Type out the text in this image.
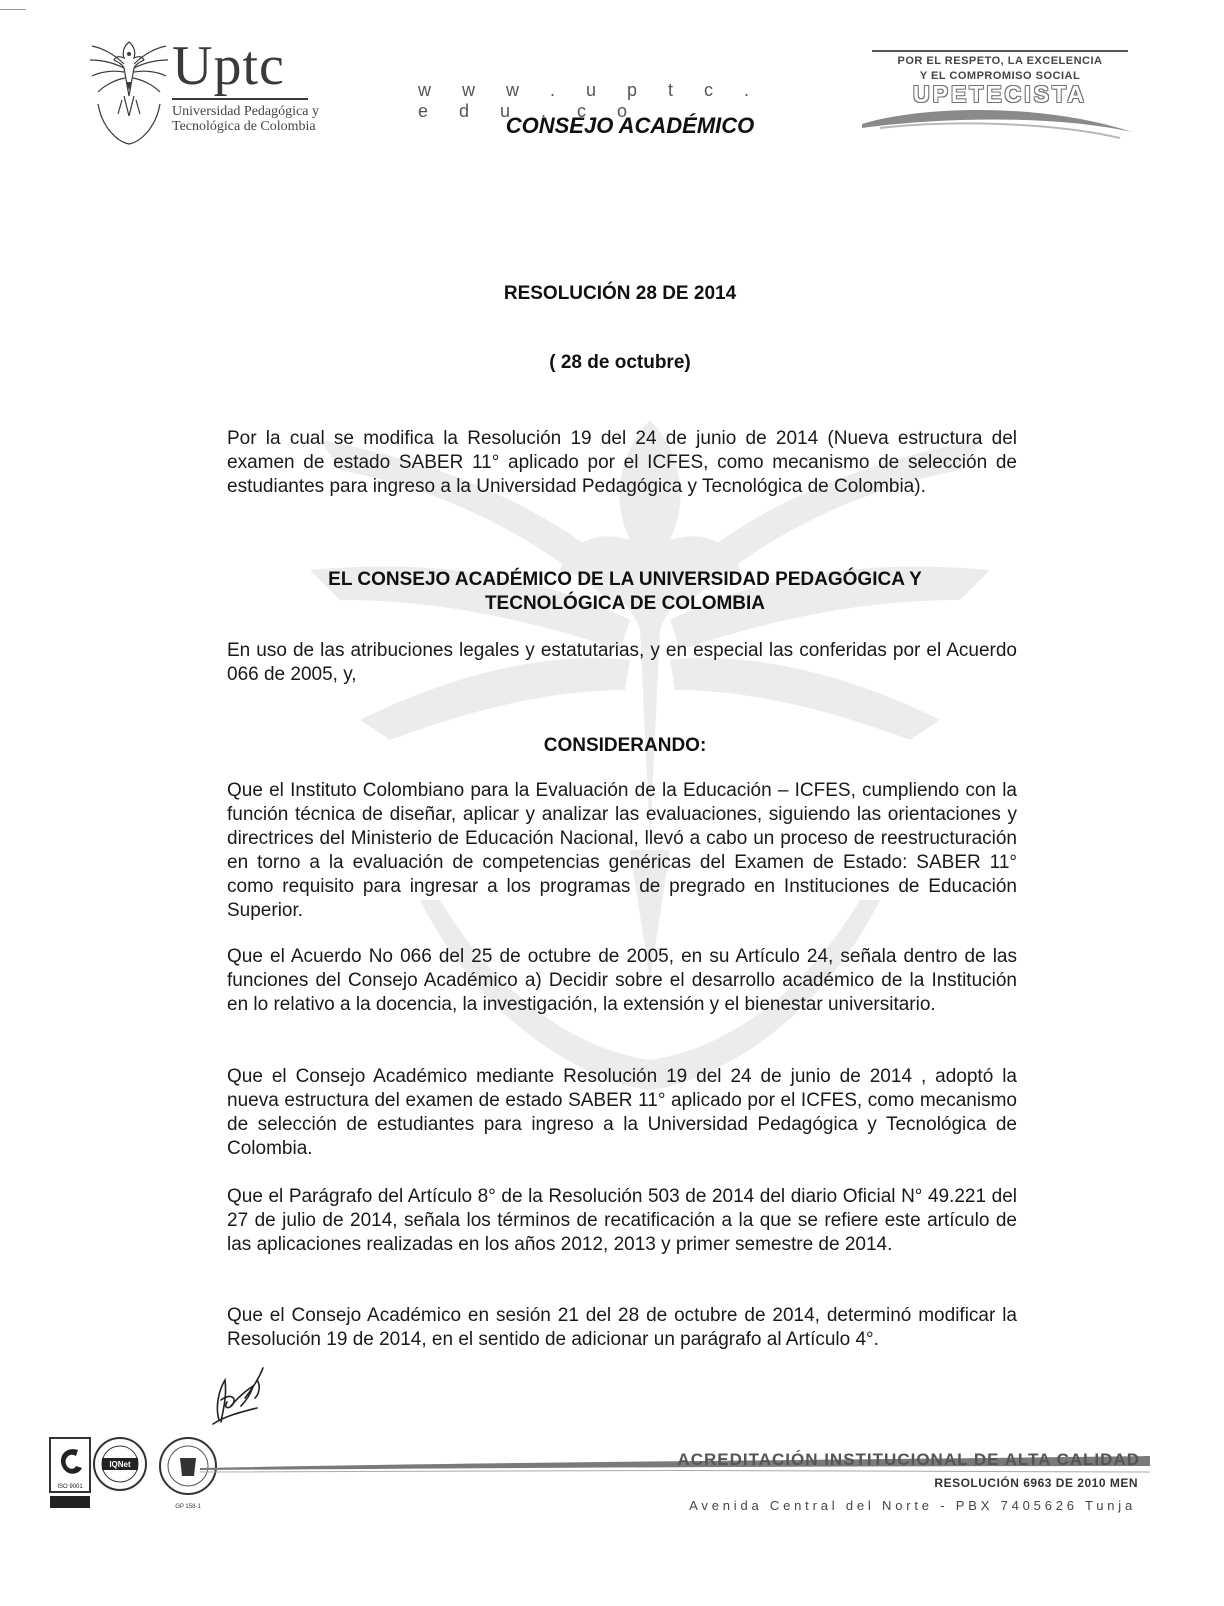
Uptc
Universidad Pedagógica y
Tecnológica de Colombia
w w w . u p t c . e d u . c o
CONSEJO ACADÉMICO
POR EL RESPETO, LA EXCELENCIA
Y EL COMPROMISO SOCIAL
UPETECISTA
RESOLUCIÓN 28 DE 2014
( 28 de octubre)
Por la cual se modifica la Resolución 19 del 24 de junio de 2014 (Nueva estructura del examen de estado SABER 11° aplicado por el ICFES, como mecanismo de selección de estudiantes para ingreso a la Universidad Pedagógica y Tecnológica de Colombia).
EL CONSEJO ACADÉMICO DE LA UNIVERSIDAD PEDAGÓGICA Y
TECNOLÓGICA DE COLOMBIA
En uso de las atribuciones legales y estatutarias, y en especial las conferidas por el Acuerdo 066 de 2005, y,
CONSIDERANDO:
Que el Instituto Colombiano para la Evaluación de la Educación – ICFES, cumpliendo con la función técnica de diseñar, aplicar y analizar las evaluaciones, siguiendo las orientaciones y directrices del Ministerio de Educación Nacional, llevó a cabo un proceso de reestructuración en torno a la evaluación de competencias genéricas del Examen de Estado: SABER 11° como requisito para ingresar a los programas de pregrado en Instituciones de Educación Superior.
Que el Acuerdo No 066 del 25 de octubre de 2005, en su Artículo 24, señala dentro de las funciones del Consejo Académico a) Decidir sobre el desarrollo académico de la Institución en lo relativo a la docencia, la investigación, la extensión y el bienestar universitario.
Que el Consejo Académico mediante Resolución 19 del 24 de junio de 2014 , adoptó la nueva estructura del examen de estado SABER 11° aplicado por el ICFES, como mecanismo de selección de estudiantes para ingreso a la Universidad Pedagógica y Tecnológica de Colombia.
Que el Parágrafo del Artículo 8° de la Resolución 503 de 2014 del diario Oficial N° 49.221 del 27 de julio de 2014, señala los términos de recatificación a la que se refiere este artículo de las aplicaciones realizadas en los años 2012, 2013 y primer semestre de 2014.
Que el Consejo Académico en sesión 21 del 28 de octubre de 2014, determinó modificar la Resolución 19 de 2014, en el sentido de adicionar un parágrafo al Artículo 4°.
ISO 9001
IQNet
GP 158-1
ACREDITACIÓN INSTITUCIONAL DE ALTA CALIDAD
RESOLUCIÓN 6963 DE 2010 MEN
Avenida Central del Norte - PBX 7405626 Tunja
